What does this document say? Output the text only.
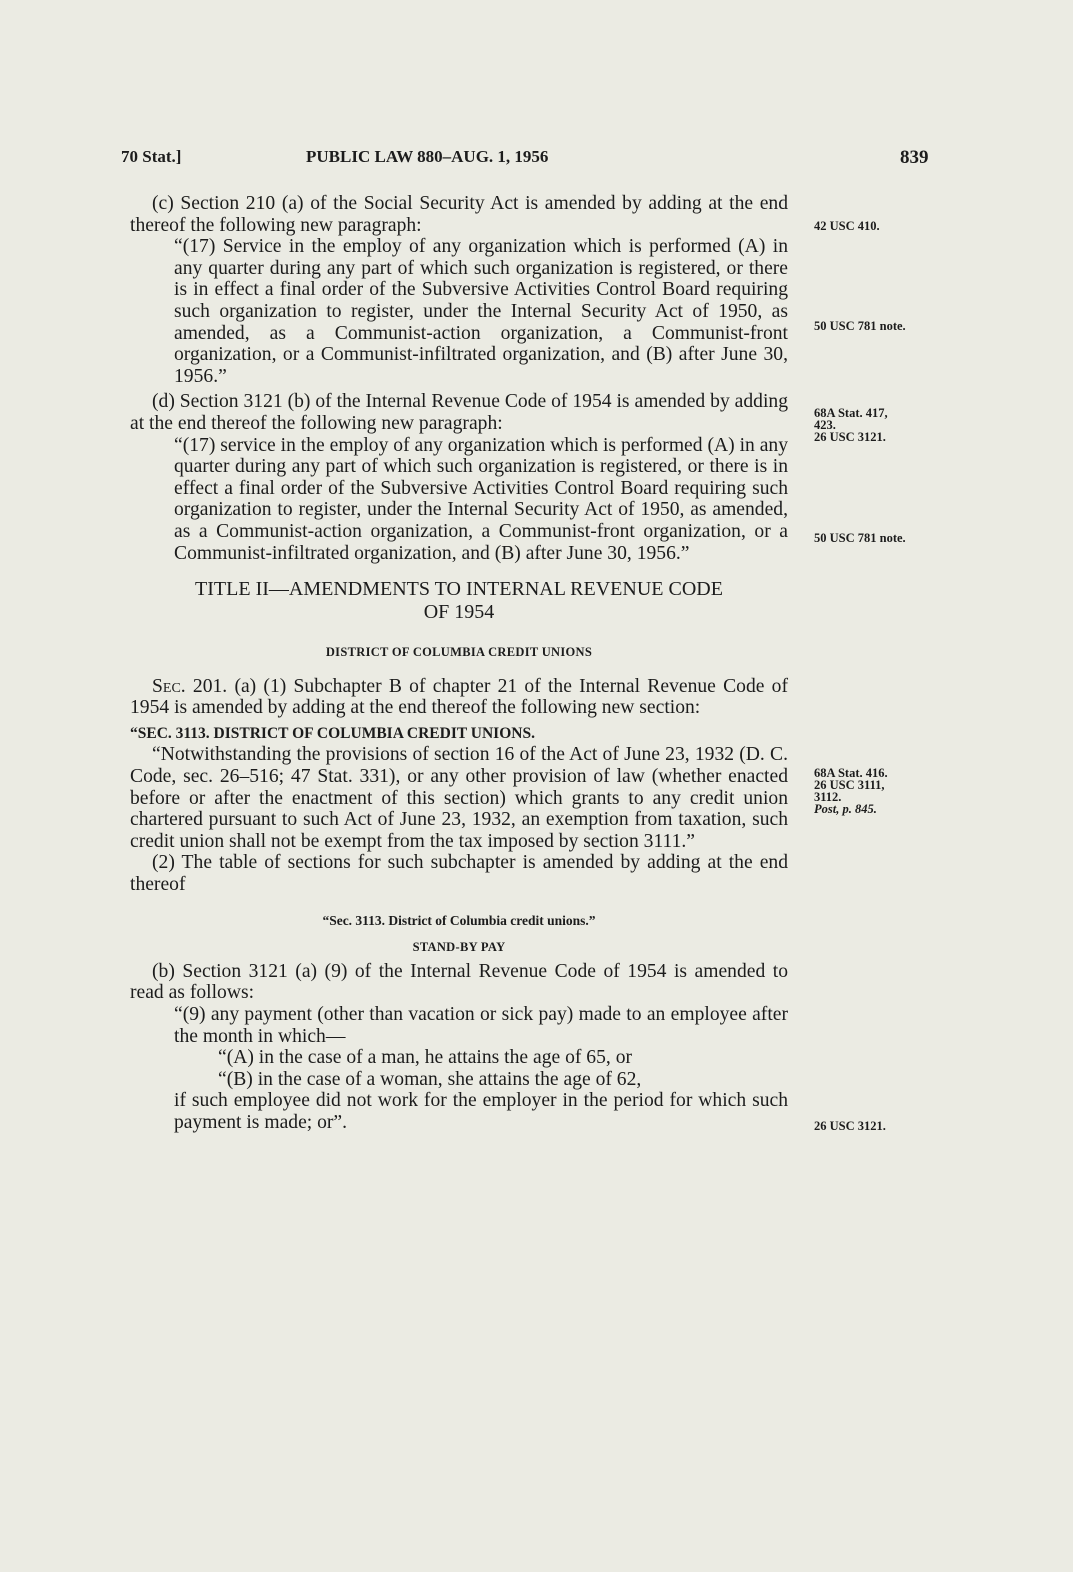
70 Stat.]	PUBLIC LAW 880–AUG. 1, 1956	839

(c) Section 210 (a) of the Social Security Act is amended by adding at the end thereof the following new paragraph:

“(17) Service in the employ of any organization which is performed (A) in any quarter during any part of which such organization is registered, or there is in effect a final order of the Subversive Activities Control Board requiring such organization to register, under the Internal Security Act of 1950, as amended, as a Communist-action organization, a Communist-front organization, or a Communist-infiltrated organization, and (B) after June 30, 1956.”

(d) Section 3121 (b) of the Internal Revenue Code of 1954 is amended by adding at the end thereof the following new paragraph:

“(17) service in the employ of any organization which is performed (A) in any quarter during any part of which such organization is registered, or there is in effect a final order of the Subversive Activities Control Board requiring such organization to register, under the Internal Security Act of 1950, as amended, as a Communist-action organization, a Communist-front organization, or a Communist-infiltrated organization, and (B) after June 30, 1956.”

TITLE II—AMENDMENTS TO INTERNAL REVENUE CODE

OF 1954

DISTRICT OF COLUMBIA CREDIT UNIONS

Sec. 201. (a) (1) Subchapter B of chapter 21 of the Internal Revenue Code of 1954 is amended by adding at the end thereof the following new section:

“SEC. 3113. DISTRICT OF COLUMBIA CREDIT UNIONS.

“Notwithstanding the provisions of section 16 of the Act of June 23, 1932 (D. C. Code, sec. 26–516; 47 Stat. 331), or any other provision of law (whether enacted before or after the enactment of this section) which grants to any credit union chartered pursuant to such Act of June 23, 1932, an exemption from taxation, such credit union shall not be exempt from the tax imposed by section 3111.”

(2) The table of sections for such subchapter is amended by adding at the end thereof

“Sec. 3113. District of Columbia credit unions.”

STAND-BY PAY

(b) Section 3121 (a) (9) of the Internal Revenue Code of 1954 is amended to read as follows:

“(9) any payment (other than vacation or sick pay) made to an employee after the month in which—

“(A) in the case of a man, he attains the age of 65, or

“(B) in the case of a woman, she attains the age of 62,

if such employee did not work for the employer in the period for which such payment is made; or”.

42 USC 410.
50 USC 781 note.
68A Stat. 417,
423.
26 USC 3121.
50 USC 781 note.
68A Stat. 416.
26 USC 3111,
3112.
Post, p. 845.
26 USC 3121.
